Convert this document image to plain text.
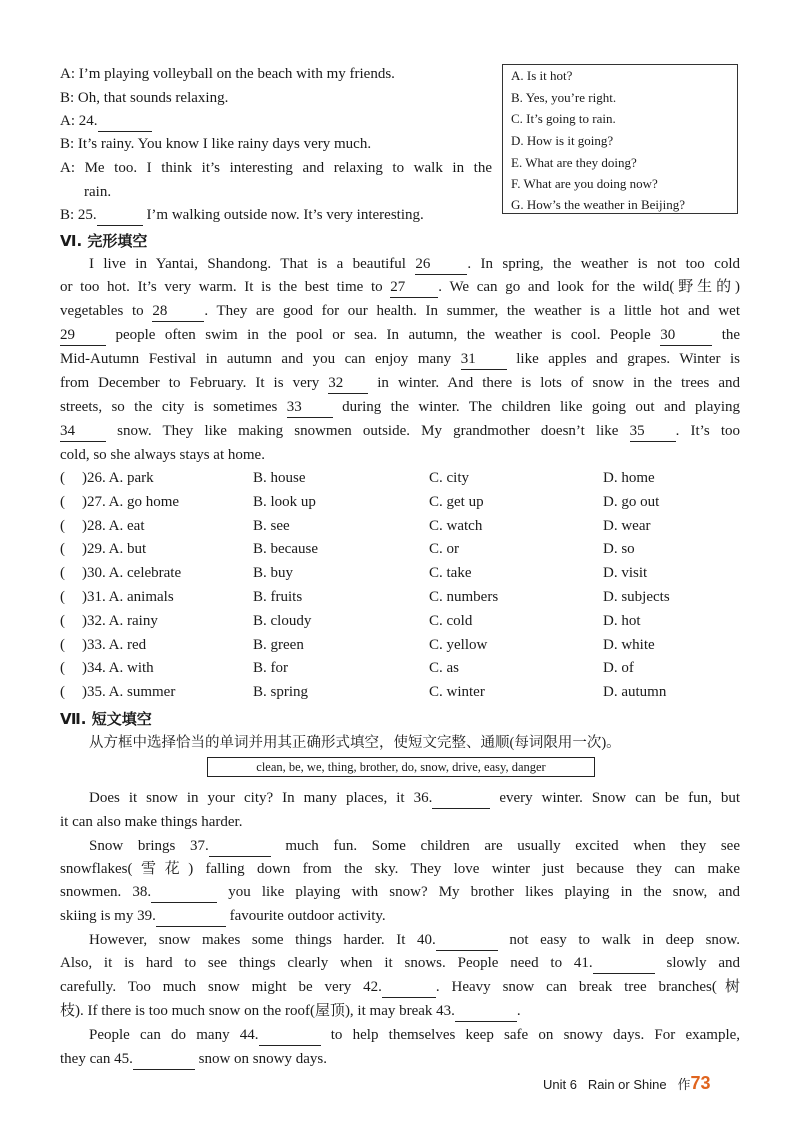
A: I’m playing volleyball on the beach with my friends.
B: Oh, that sounds relaxing.
A: 24.
B: It’s rainy. You know I like rainy days very much.
A: Me too. I think it’s interesting and relaxing to walk in the
rain.
B: 25.	I’m walking outside now. It’s very interesting.
A. Is it hot?
B. Yes, you’re right.
C. It’s going to rain.
D. How is it going?
E. What are they doing?
F. What are you doing now?
G. How’s the weather in Beijing?
Ⅵ. 完形填空
I live in Yantai, Shandong. That is a beautiful 26 . In spring, the weather is not too cold
or too hot. It’s very warm. It is the best time to 27 . We can go and look for the wild(野生的)
vegetables to 28 . They are good for our health. In summer, the weather is a little hot and wet
29	people often swim in the pool or sea. In autumn, the weather is cool. People 30	the
Mid-Autumn Festival in autumn and you can enjoy many 31	like apples and grapes. Winter is
from December to February. It is very 32 in winter. And there is lots of snow in the trees and
streets, so the city is sometimes 33	during the winter. The children like going out and playing
34	snow. They like making snowmen outside. My grandmother doesn’t like 35 . It’s too
cold, so she always stays at home.
( )26. A. park	B. house	C. city	D. home
( )27. A. go home	B. look up	C. get up	D. go out
( )28. A. eat	B. see	C. watch	D. wear
( )29. A. but	B. because	C. or	D. so
( )30. A. celebrate	B. buy	C. take	D. visit
( )31. A. animals	B. fruits	C. numbers	D. subjects
( )32. A. rainy	B. cloudy	C. cold	D. hot
( )33. A. red	B. green	C. yellow	D. white
( )34. A. with	B. for	C. as	D. of
( )35. A. summer	B. spring	C. winter	D. autumn
Ⅶ. 短文填空
从方框中选择恰当的单词并用其正确形式填空，使短文完整、通顺(每词限用一次)。
clean, be, we, thing, brother, do, snow, drive, easy, danger
Does it snow in your city? In many places, it 36.	every winter. Snow can be fun, but
it can also make things harder.
Snow brings 37.	much fun. Some children are usually excited when they see
snowflakes(雪花) falling down from the sky. They love winter just because they can make
snowmen. 38.	you like playing with snow? My brother likes playing in the snow, and
skiing is my 39.	favourite outdoor activity.
However, snow makes some things harder. It 40.	not easy to walk in deep snow.
Also, it is hard to see things clearly when it snows. People need to 41.	slowly and
carefully. Too much snow might be very 42.	. Heavy snow can break tree branches(树
枝). If there is too much snow on the roof(屋顶), it may break 43.	.
People can do many 44.	to help themselves keep safe on snowy days. For example,
they can 45.	snow on snowy days.
Unit 6 Rain or Shine 作73
